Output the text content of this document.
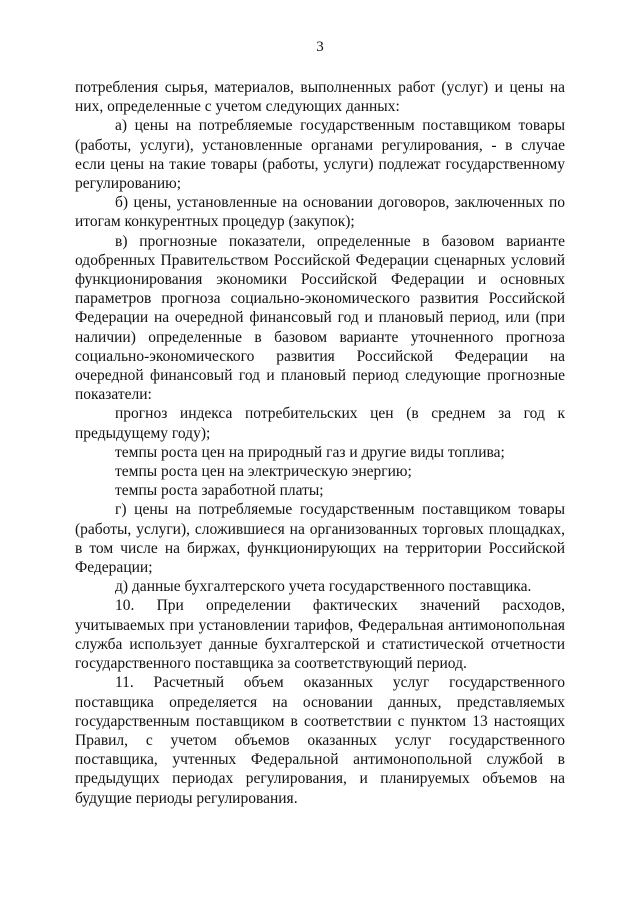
3

потребления сырья, материалов, выполненных работ (услуг) и цены на них, определенные с учетом следующих данных:

а) цены на потребляемые государственным поставщиком товары (работы, услуги), установленные органами регулирования, - в случае если цены на такие товары (работы, услуги) подлежат государственному регулированию;

б) цены, установленные на основании договоров, заключенных по итогам конкурентных процедур (закупок);

в) прогнозные показатели, определенные в базовом варианте одобренных Правительством Российской Федерации сценарных условий функционирования экономики Российской Федерации и основных параметров прогноза социально-экономического развития Российской Федерации на очередной финансовый год и плановый период, или (при наличии) определенные в базовом варианте уточненного прогноза социально-экономического развития Российской Федерации на очередной финансовый год и плановый период следующие прогнозные показатели:

прогноз индекса потребительских цен (в среднем за год к предыдущему году);

темпы роста цен на природный газ и другие виды топлива;

темпы роста цен на электрическую энергию;

темпы роста заработной платы;

г) цены на потребляемые государственным поставщиком товары (работы, услуги), сложившиеся на организованных торговых площадках, в том числе на биржах, функционирующих на территории Российской Федерации;

д) данные бухгалтерского учета государственного поставщика.

10. При определении фактических значений расходов, учитываемых при установлении тарифов, Федеральная антимонопольная служба использует данные бухгалтерской и статистической отчетности государственного поставщика за соответствующий период.

11. Расчетный объем оказанных услуг государственного поставщика определяется на основании данных, представляемых государственным поставщиком в соответствии с пунктом 13 настоящих Правил, с учетом объемов оказанных услуг государственного поставщика, учтенных Федеральной антимонопольной службой в предыдущих периодах регулирования, и планируемых объемов на будущие периоды регулирования.
